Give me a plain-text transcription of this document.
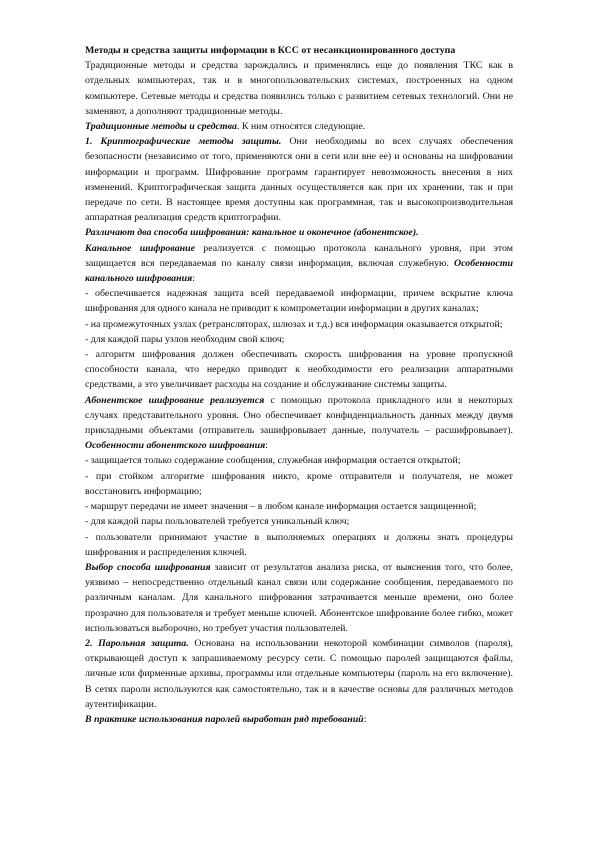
Методы и средства защиты информации в КСС от несанкционированного доступа

Традиционные методы и средства зарождались и применялись еще до появления ТКС как в отдельных компьютерах, так и в многопользовательских системах, построенных на одном компьютере. Сетевые методы и средства появились только с развитием сетевых технологий. Они не заменяют, а дополняют традиционные методы.

Традиционные методы и средства. К ним относятся следующие.

1. Криптографические методы защиты. Они необходимы во всех случаях обеспечения безопасности (независимо от того, применяются они в сети или вне ее) и основаны на шифровании информации и программ. Шифрование программ гарантирует невозможность внесения в них изменений. Криптографическая защита данных осуществляется как при их хранении, так и при передаче по сети. В настоящее время доступны как программная, так и высокопроизводительная аппаратная реализация средств криптографии.

Различают два способа шифрования: канальное и оконечное (абонентское).

Канальное шифрование реализуется с помощью протокола канального уровня, при этом защищается вся передаваемая по каналу связи информация, включая служебную. Особенности канального шифрования:

- обеспечивается надежная защита всей передаваемой информации, причем вскрытие ключа шифрования для одного канала не приводит к компрометации информации в других каналах;

- на промежуточных узлах (ретрансляторах, шлюзах и т.д.) вся информация оказывается открытой;

- для каждой пары узлов необходим свой ключ;

- алгоритм шифрования должен обеспечивать скорость шифрования на уровне пропускной способности канала, что нередко приводит к необходимости его реализации аппаратными средствами, а это увеличивает расходы на создание и обслуживание системы защиты.

Абонентское шифрование реализуется с помощью протокола прикладного или в некоторых случаях представительного уровня. Оно обеспечивает конфиденциальность данных между двумя прикладными объектами (отправитель зашифровывает данные, получатель – расшифровывает). Особенности абонентского шифрования:

- защищается только содержание сообщения, служебная информация остается открытой;

- при стойком алгоритме шифрования никто, кроме отправителя и получателя, не может восстановить информацию;

- маршрут передачи не имеет значения – в любом канале информация остается защищенной;

- для каждой пары пользователей требуется уникальный ключ;

- пользователи принимают участие в выполняемых операциях и должны знать процедуры шифрования и распределения ключей.

Выбор способа шифрования зависит от результатов анализа риска, от выяснения того, что более, уязвимо – непосредственно отдельный канал связи или содержание сообщения, передаваемого по различным каналам. Для канального шифрования затрачивается меньше времени, оно более прозрачно для пользователя и требует меньше ключей. Абонентское шифрование более гибко, может использоваться выборочно, но требует участия пользователей.

2. Парольная защита. Основана на использовании некоторой комбинации символов (пароля), открывающей доступ к запрашиваемому ресурсу сети. С помощью паролей защищаются файлы, личные или фирменные архивы, программы или отдельные компьютеры (пароль на его включение). В сетях пароли используются как самостоятельно, так и в качестве основы для различных методов аутентификации.

В практике использования паролей выработан ряд требований:
